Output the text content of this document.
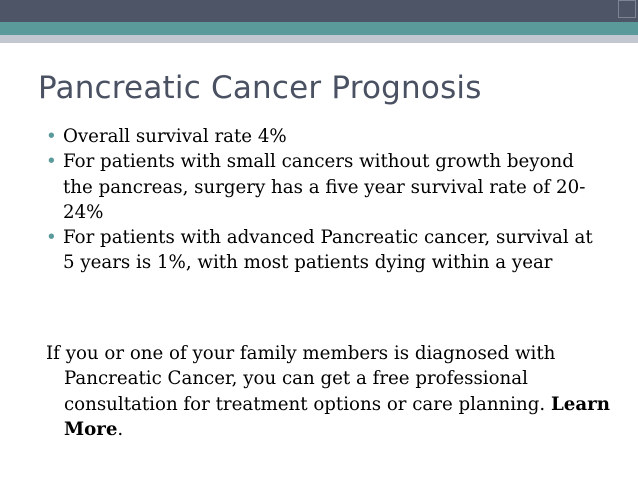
Pancreatic Cancer Prognosis
• Overall survival rate 4%
• For patients with small cancers without growth beyond the pancreas, surgery has a five year survival rate of 20-24%
• For patients with advanced Pancreatic cancer, survival at 5 years is 1%, with most patients dying within a year

If you or one of your family members is diagnosed with Pancreatic Cancer, you can get a free professional consultation for treatment options or care planning. Learn More.
